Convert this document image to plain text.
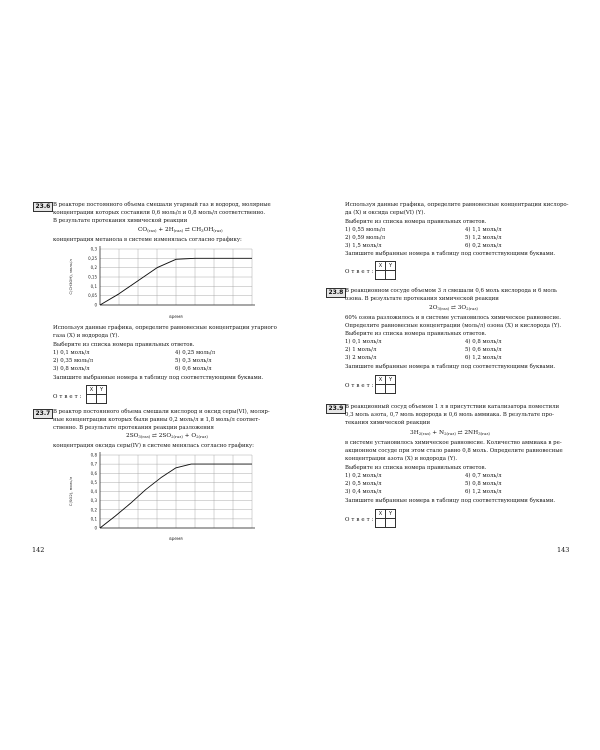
23.6 В реакторе постоянного объема смешали угарный газ и водород, молярные
концентрации которых составили 0,6 моль/л и 0,8 моль/л соответственно.
В результате протекания химической реакции
$CO_{(газ)} + 2H_{(газ)}$ ⇄ $CH_3OH_{(газ)}$
концентрация метанола в системе изменялась согласно графику:
0
0,05
0,1
0,15
0,2
0,25
0,3
время
C(CH3OH), моль/л
Используя данные графика, определите равновесные концентрации угарного
газа (X) и водорода (Y).
Выберите из списка номера правильных ответов.
1) 0,1 моль/л
2) 0,35 моль/л
3) 0,8 моль/л
4) 0,25 моль/л
5) 0,3 моль/л
6) 0,6 моль/л
Запишите выбранные номера в таблицу под соответствующими буквами.
Ответ:
X	Y

23.7 В реактор постоянного объема смешали кислород и оксид серы(VI), моляр-
ные концентрации которых были равны 0,2 моль/л и 1,8 моль/л соответ-
ственно. В результате протекания реакции разложения
$2SO_{3(газ)}$ ⇄ $2SO_{2(газ)} + O_{2(газ)}$
концентрация оксида серы(IV) в системе менялась согласно графику:
0
0,1
0,2
0,3
0,4
0,5
0,6
0,7
0,8
время
C(SO2), моль/л
142
Используя данные графика, определите равновесные концентрации кислоро-
да (X) и оксида серы(VI) (Y).
Выберите из списка номера правильных ответов.
1) 0,55 моль/л
2) 0,59 моль/л
3) 1,5 моль/л
4) 1,1 моль/л
5) 1,2 моль/л
6) 0,2 моль/л
Запишите выбранные номера в таблицу под соответствующими буквами.
Ответ:
X	Y

23.8 В реакционном сосуде объемом 3 л смешали 0,6 моль кислорода и 6 моль
озона. В результате протекания химической реакции
$2O_{3(газ)}$ ⇄ $3O_{2(газ)}$
60% озона разложилось и в системе установилось химическое равновесие.
Определите равновесные концентрации (моль/л) озона (X) и кислорода (Y).
Выберите из списка номера правильных ответов.
1) 0,1 моль/л
2) 1 моль/л
3) 2 моль/л
4) 0,8 моль/л
5) 0,6 моль/л
6) 1,2 моль/л
Запишите выбранные номера в таблицу под соответствующими буквами.
Ответ:
X	Y

23.9 В реакционный сосуд объемом 1 л в присутствии катализатора поместили
0,3 моль азота, 0,7 моль водорода и 0,6 моль аммиака. В результате про-
текания химической реакции
$3H_{2(газ)} + N_{2(газ)}$ ⇄ $2NH_{3(газ)}$
в системе установилось химическое равновесие. Количество аммиака в ре-
акционном сосуде при этом стало равно 0,8 моль. Определите равновесные
концентрации азота (X) и водорода (Y).
Выберите из списка номера правильных ответов.
1) 0,2 моль/л
2) 0,5 моль/л
3) 0,4 моль/л
4) 0,7 моль/л
5) 0,8 моль/л
6) 1,2 моль/л
Запишите выбранные номера в таблицу под соответствующими буквами.
Ответ:
X	Y

143
